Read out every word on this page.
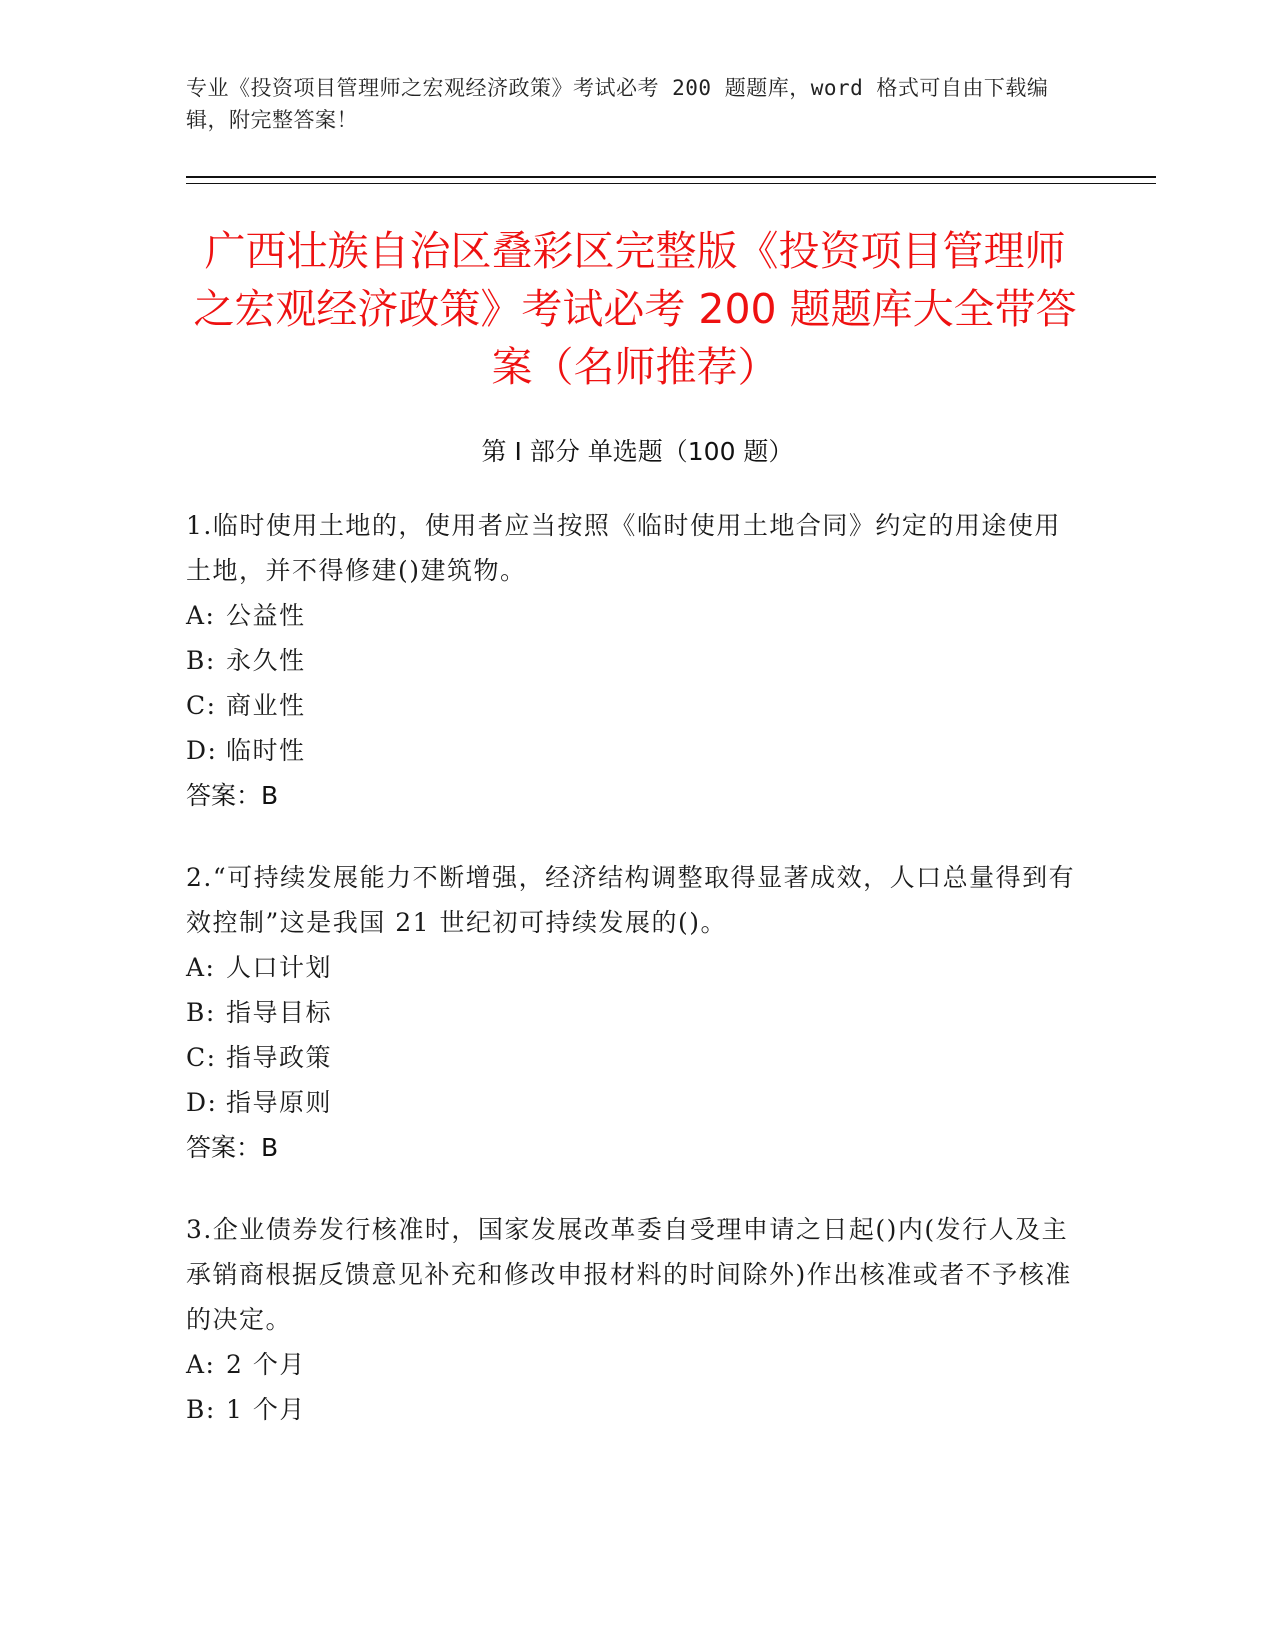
专业《投资项目管理师之宏观经济政策》考试必考 200 题题库，word 格式可自由下载编辑，附完整答案！
广西壮族自治区叠彩区完整版《投资项目管理师之宏观经济政策》考试必考 200 题题库大全带答案（名师推荐）
第 I 部分 单选题（100 题）

1.临时使用土地的，使用者应当按照《临时使用土地合同》约定的用途使用土地，并不得修建()建筑物。

A: 公益性

B: 永久性

C: 商业性

D: 临时性

答案：B

2.“可持续发展能力不断增强，经济结构调整取得显著成效，人口总量得到有效控制”这是我国 21 世纪初可持续发展的()。

A: 人口计划

B: 指导目标

C: 指导政策

D: 指导原则

答案：B

3.企业债券发行核准时，国家发展改革委自受理申请之日起()内(发行人及主承销商根据反馈意见补充和修改申报材料的时间除外)作出核准或者不予核准的决定。

A: 2 个月

B: 1 个月
